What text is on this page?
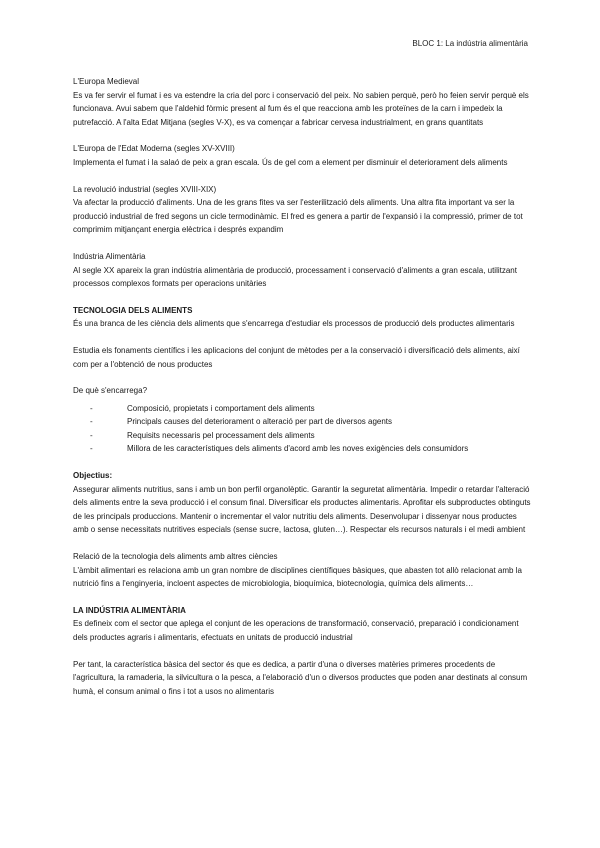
BLOC 1: La indústria alimentària

L'Europa Medieval

Es va fer servir el fumat i es va estendre la cria del porc i conservació del peix. No sabien perquè, però ho feien servir perquè els funcionava. Avui sabem que l'aldehid fòrmic present al fum és el que reacciona amb les proteïnes de la carn i impedeix la putrefacció. A l'alta Edat Mitjana (segles V-X), es va començar a fabricar cervesa industrialment, en grans quantitats

L'Europa de l'Edat Moderna (segles XV-XVIII)

Implementa el fumat i la salaó de peix a gran escala. Ús de gel com a element per disminuir el deteriorament dels aliments

La revolució industrial (segles XVIII-XIX)

Va afectar la producció d'aliments. Una de les grans fites va ser l'esterilització dels aliments. Una altra fita important va ser la producció industrial de fred segons un cicle termodinàmic. El fred es genera a partir de l'expansió i la compressió, primer de tot comprimim mitjançant energia elèctrica i després expandim

Indústria Alimentària

Al segle XX apareix la gran indústria alimentària de producció, processament i conservació d'aliments a gran escala, utilitzant processos complexos formats per operacions unitàries

TECNOLOGIA DELS ALIMENTS

És una branca de les ciència dels aliments que s'encarrega d'estudiar els processos de producció dels productes alimentaris

Estudia els fonaments científics i les aplicacions del conjunt de mètodes per a la conservació i diversificació dels aliments, així com per a l'obtenció de nous productes

De què s'encarrega?

- Composició, propietats i comportament dels aliments
- Principals causes del deteriorament o alteració per part de diversos agents
- Requisits necessaris pel processament dels aliments
- Millora de les característiques dels aliments d'acord amb les noves exigències dels consumidors

Objectius:

Assegurar aliments nutritius, sans i amb un bon perfil organolèptic. Garantir la seguretat alimentària. Impedir o retardar l'alteració dels aliments entre la seva producció i el consum final. Diversificar els productes alimentaris. Aprofitar els subproductes obtinguts de les principals produccions. Mantenir o incrementar el valor nutritiu dels aliments. Desenvolupar i dissenyar nous productes amb o sense necessitats nutritives especials (sense sucre, lactosa, gluten…). Respectar els recursos naturals i el medi ambient

Relació de la tecnologia dels aliments amb altres ciències

L'àmbit alimentari es relaciona amb un gran nombre de disciplines científiques bàsiques, que abasten tot allò relacionat amb la nutrició fins a l'enginyeria, incloent aspectes de microbiologia, bioquímica, biotecnologia, química dels aliments…

LA INDÚSTRIA ALIMENTÀRIA

Es defineix com el sector que aplega el conjunt de les operacions de transformació, conservació, preparació i condicionament dels productes agraris i alimentaris, efectuats en unitats de producció industrial

Per tant, la característica bàsica del sector és que es dedica, a partir d'una o diverses matèries primeres procedents de l'agricultura, la ramaderia, la silvicultura o la pesca, a l'elaboració d'un o diversos productes que poden anar destinats al consum humà, el consum animal o fins i tot a usos no alimentaris
